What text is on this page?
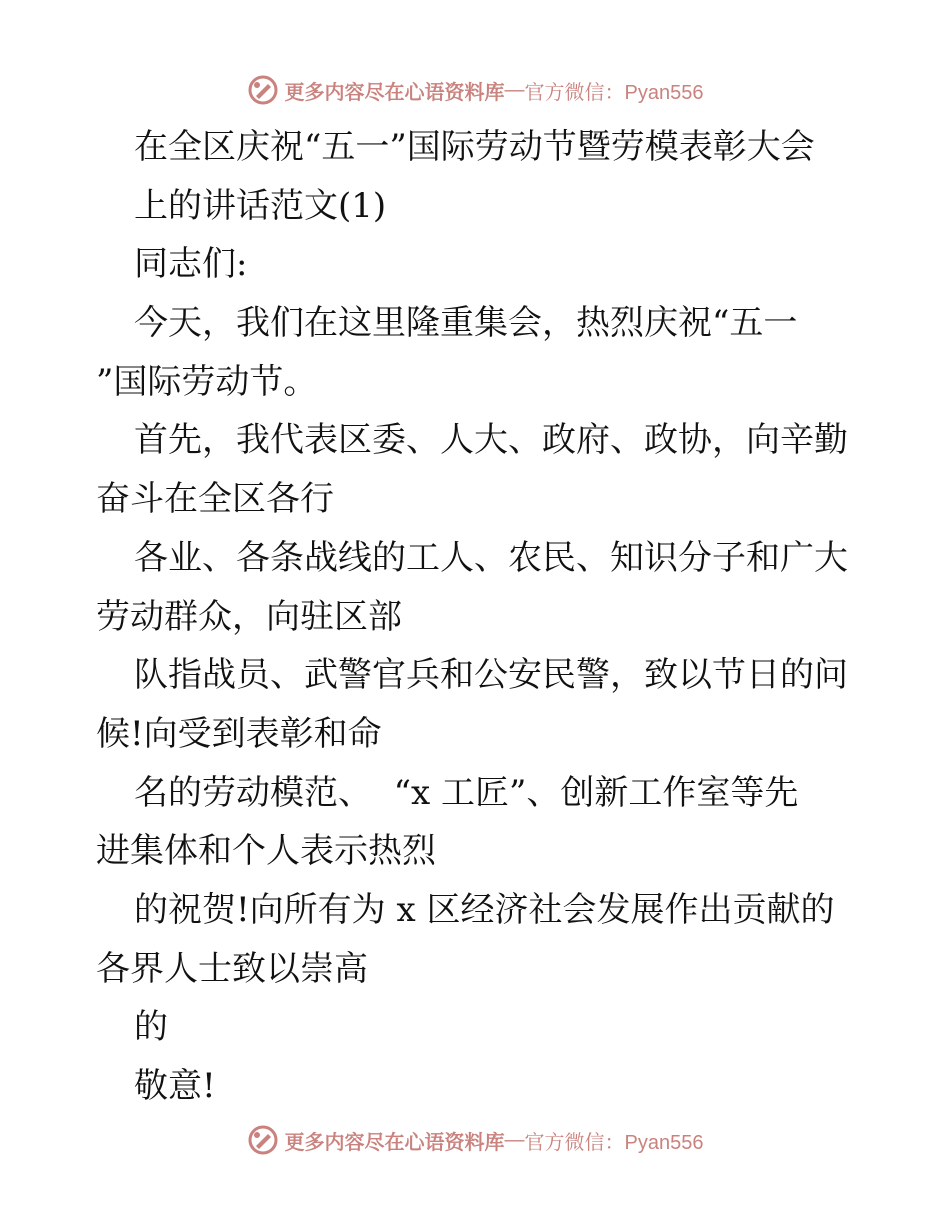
更多内容尽在心语资料库 — 官方微信：Pyan556
在全区庆祝“五一”国际劳动节暨劳模表彰大会
上的讲话范文(1)
同志们:
今天，我们在这里隆重集会，热烈庆祝“五一
”国际劳动节。
首先，我代表区委、人大、政府、政协，向辛勤
奋斗在全区各行
各业、各条战线的工人、农民、知识分子和广大
劳动群众，向驻区部
队指战员、武警官兵和公安民警，致以节日的问
候!向受到表彰和命
名的劳动模范、  “x 工匠”、创新工作室等先
进集体和个人表示热烈
的祝贺!向所有为 x 区经济社会发展作出贡献的
各界人士致以崇高
的
敬意!
更多内容尽在心语资料库 — 官方微信：Pyan556
